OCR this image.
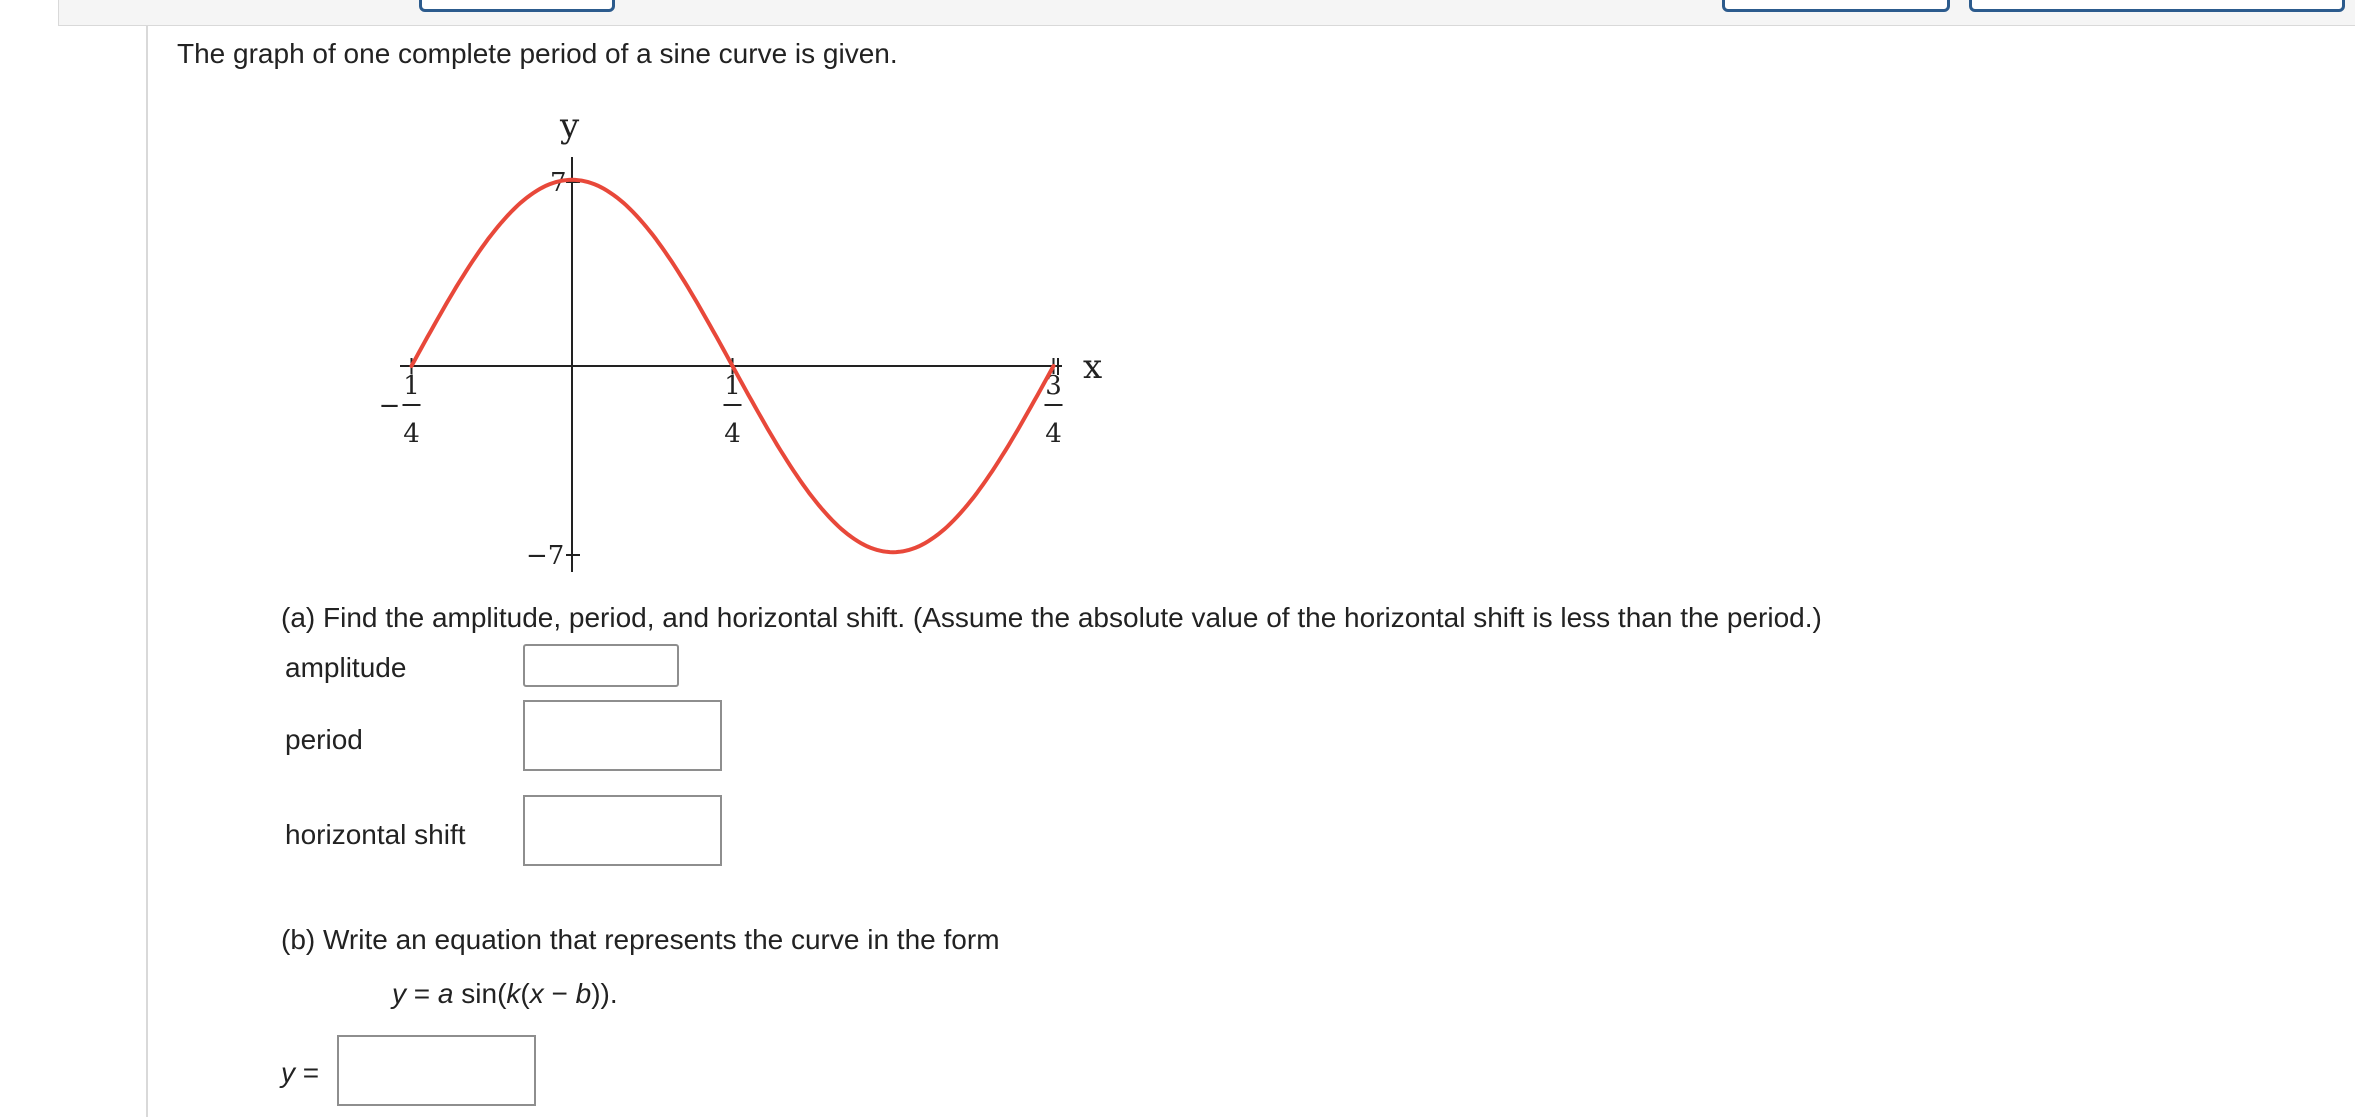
The graph of one complete period of a sine curve is given.
x
y
7
−7
1
4
−
1
4
3
4
(a) Find the amplitude, period, and horizontal shift. (Assume the absolute value of the horizontal shift is less than the period.)
amplitude
period
horizontal shift
(b) Write an equation that represents the curve in the form
y = a sin(k(x − b)).
y =
